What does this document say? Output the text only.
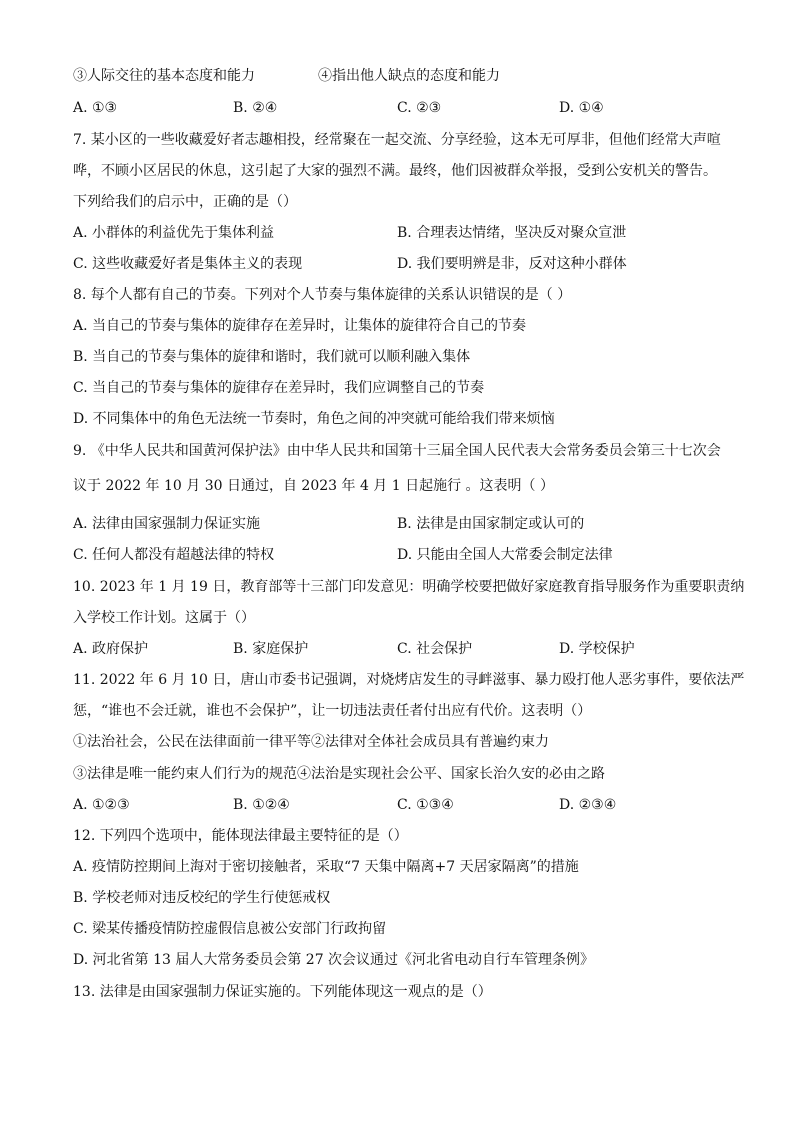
③人际交往的基本态度和能力	④指出他人缺点的态度和能力
A. ①③	B. ②④	C. ②③	D. ①④
7. 某小区的一些收藏爱好者志趣相投，经常聚在一起交流、分享经验，这本无可厚非，但他们经常大声喧
哗，不顾小区居民的休息，这引起了大家的强烈不满。最终，他们因被群众举报，受到公安机关的警告。
下列给我们的启示中，正确的是（）
A. 小群体的利益优先于集体利益	B. 合理表达情绪，坚决反对聚众宣泄
C. 这些收藏爱好者是集体主义的表现	D. 我们要明辨是非，反对这种小群体
8. 每个人都有自己的节奏。下列对个人节奏与集体旋律的关系认识错误的是（ ）
A. 当自己的节奏与集体的旋律存在差异时，让集体的旋律符合自己的节奏
B. 当自己的节奏与集体的旋律和谐时，我们就可以顺利融入集体
C. 当自己的节奏与集体的旋律存在差异时，我们应调整自己的节奏
D. 不同集体中的角色无法统一节奏时，角色之间的冲突就可能给我们带来烦恼
9. 《中华人民共和国黄河保护法》由中华人民共和国第十三届全国人民代表大会常务委员会第三十七次会
议于 2022 年 10 月 30 日通过，自 2023 年 4 月 1 日起施行 。这表明（ ）
A. 法律由国家强制力保证实施	B. 法律是由国家制定或认可的
C. 任何人都没有超越法律的特权	D. 只能由全国人大常委会制定法律
10. 2023 年 1 月 19 日，教育部等十三部门印发意见：明确学校要把做好家庭教育指导服务作为重要职责纳
入学校工作计划。这属于（）
A. 政府保护	B. 家庭保护	C. 社会保护	D. 学校保护
11. 2022 年 6 月 10 日，唐山市委书记强调，对烧烤店发生的寻衅滋事、暴力殴打他人恶劣事件，要依法严
惩，“谁也不会迁就，谁也不会保护”，让一切违法责任者付出应有代价。这表明（）
①法治社会，公民在法律面前一律平等②法律对全体社会成员具有普遍约束力
③法律是唯一能约束人们行为的规范④法治是实现社会公平、国家长治久安的必由之路
A. ①②③	B. ①②④	C. ①③④	D. ②③④
12. 下列四个选项中，能体现法律最主要特征的是（）
A. 疫情防控期间上海对于密切接触者，采取“7 天集中隔离+7 天居家隔离”的措施
B. 学校老师对违反校纪的学生行使惩戒权
C. 梁某传播疫情防控虚假信息被公安部门行政拘留
D. 河北省第 13 届人大常务委员会第 27 次会议通过《河北省电动自行车管理条例》
13. 法律是由国家强制力保证实施的。下列能体现这一观点的是（）
